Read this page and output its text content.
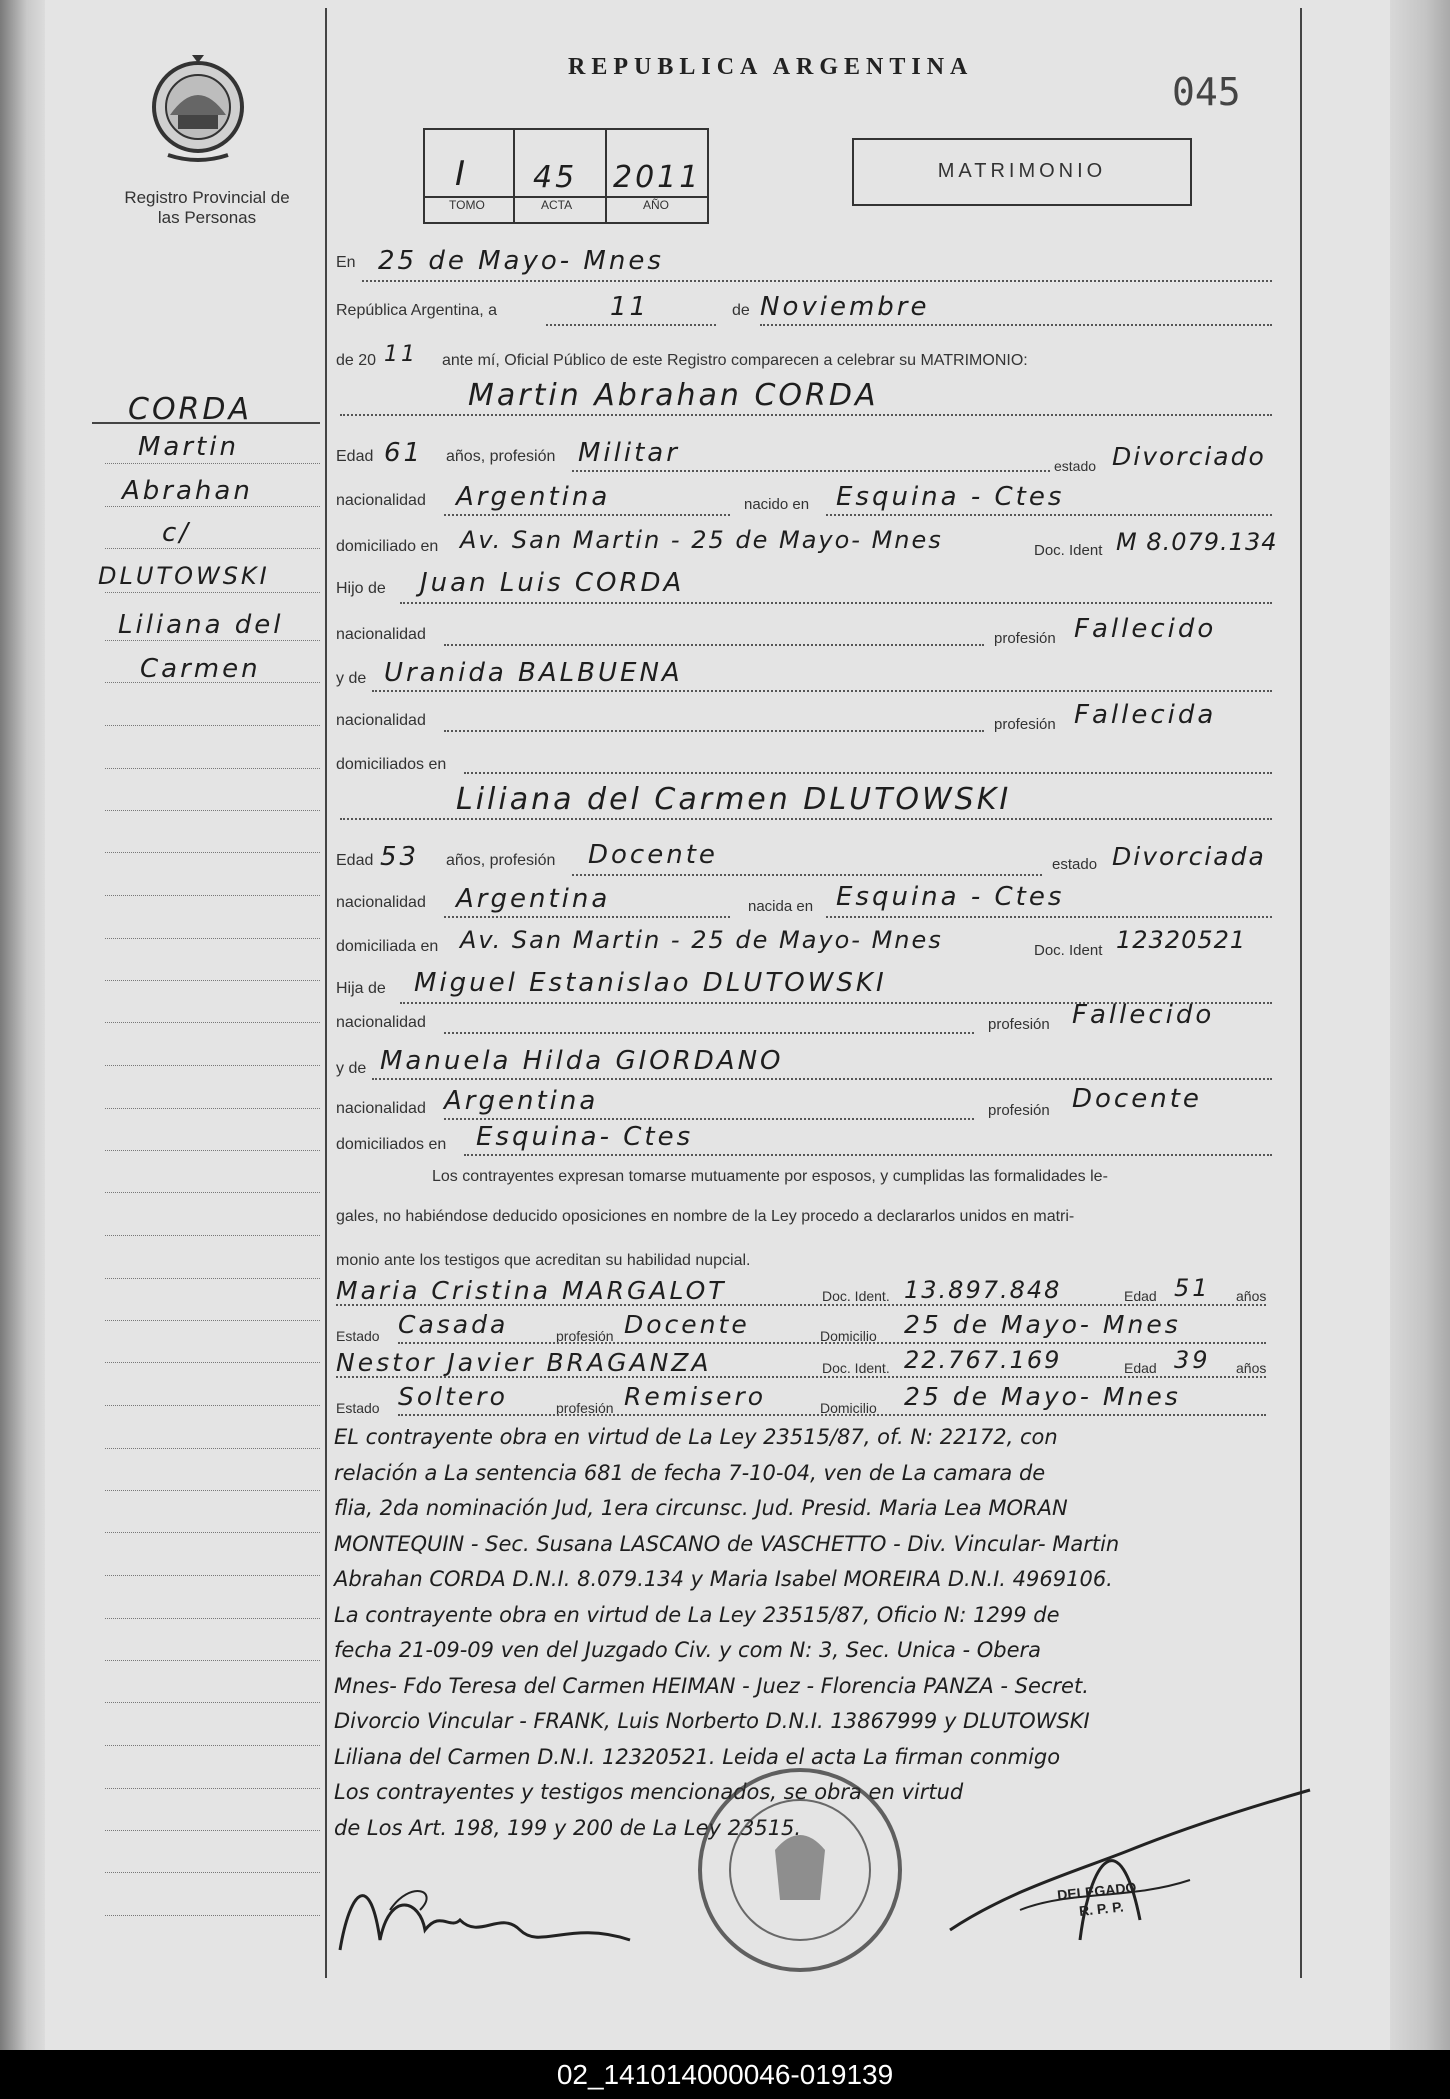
Registro Provincial de las Personas
REPUBLICA ARGENTINA
045
I 45 2011
TOMO	ACTA	AÑO
MATRIMONIO
CORDA
Martin
Abrahan
c/
DLUTOWSKI
Liliana del
Carmen
En 25 de Mayo- Mnes
República Argentina, a	11	de Noviembre
de 20 11 ante mí, Oficial Público de este Registro comparecen a celebrar su MATRIMONIO:
Martin Abrahan CORDA
Edad 61 años, profesión Militar	estado Divorciado
nacionalidad Argentina	nacido en Esquina - Ctes
domiciliado en Av. San Martin - 25 de Mayo- Mnes	Doc. Ident M 8.079.134
Hijo de Juan Luis CORDA
nacionalidad	profesión Fallecido
y de Uranida BALBUENA
nacionalidad	profesión Fallecida
domiciliados en
Liliana del Carmen DLUTOWSKI
Edad 53 años, profesión Docente	estado Divorciada
nacionalidad Argentina	nacida en Esquina - Ctes
domiciliada en Av. San Martin - 25 de Mayo- Mnes	Doc. Ident 12320521
Hija de Miguel Estanislao DLUTOWSKI
nacionalidad	profesión Fallecido
y de Manuela Hilda GIORDANO
nacionalidad Argentina	profesión Docente
domiciliados en Esquina- Ctes
Los contrayentes expresan tomarse mutuamente por esposos, y cumplidas las formalidades le-
gales, no habiéndose deducido oposiciones en nombre de la Ley procedo a declararlos unidos en matri-
monio ante los testigos que acreditan su habilidad nupcial.
Maria Cristina MARGALOT	Doc. Ident. 13.897.848	Edad 51 años
Estado Casada	profesión Docente	Domicilio 25 de Mayo- Mnes
Nestor Javier BRAGANZA	Doc. Ident. 22.767.169	Edad 39 años
Estado Soltero	profesión Remisero	Domicilio 25 de Mayo- Mnes
EL contrayente obra en virtud de La Ley 23515/87, of. N: 22172, con
relación a La sentencia 681 de fecha 7-10-04, ven de La camara de
flia, 2da nominación Jud, 1era circunsc. Jud. Presid. Maria Lea MORAN
MONTEQUIN - Sec. Susana LASCANO de VASCHETTO - Div. Vincular- Martin
Abrahan CORDA D.N.I. 8.079.134 y Maria Isabel MOREIRA D.N.I. 4969106.
La contrayente obra en virtud de La Ley 23515/87, Oficio N: 1299 de
fecha 21-09-09 ven del Juzgado Civ. y com N: 3, Sec. Unica - Obera
Mnes- Fdo Teresa del Carmen HEIMAN - Juez - Florencia PANZA - Secret.
Divorcio Vincular - FRANK, Luis Norberto D.N.I. 13867999 y DLUTOWSKI
Liliana del Carmen D.N.I. 12320521. Leida el acta La firman conmigo
Los contrayentes y testigos mencionados, se obra en virtud
de Los Art. 198, 199 y 200 de La Ley 23515.
DELEGADO
R. P. P.
02_141014000046-019139
